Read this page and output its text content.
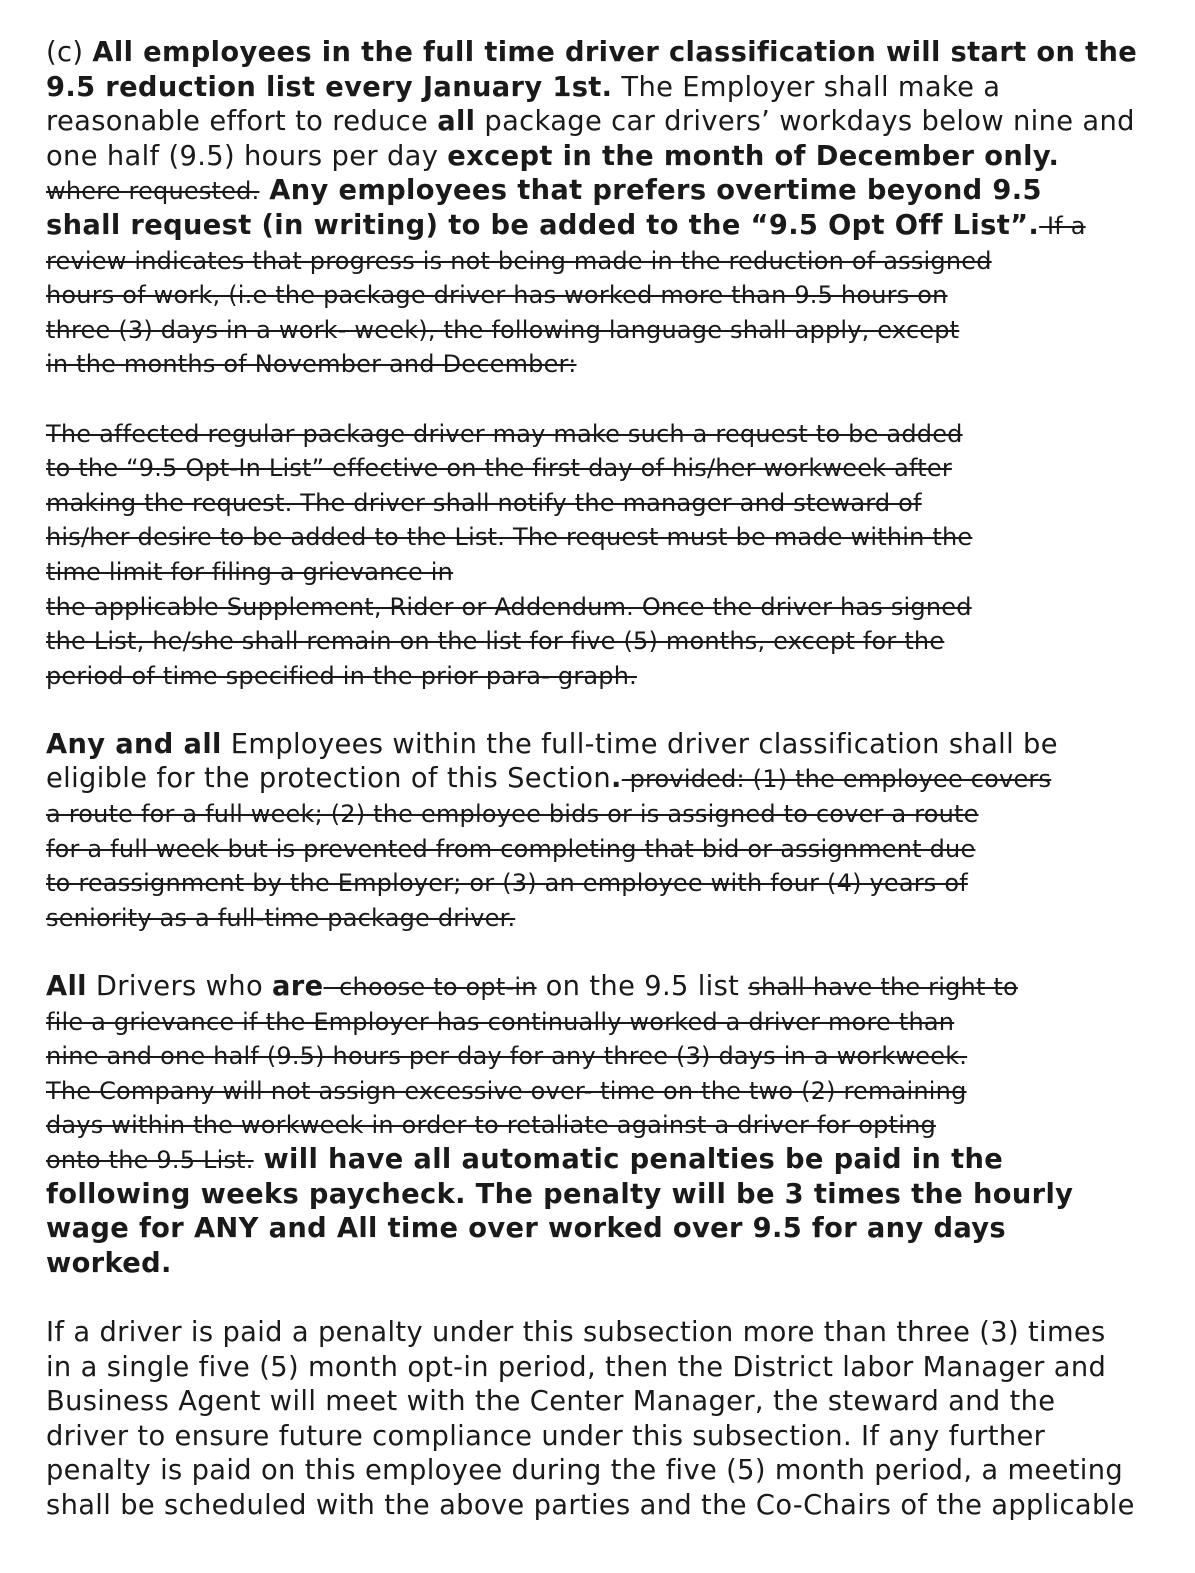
(c) All employees in the full time driver classification will start on the
9.5 reduction list every January 1st. The Employer shall make a
reasonable effort to reduce all package car drivers’ workdays below nine and
one half (9.5) hours per day except in the month of December only.
where requested. Any employees that prefers overtime beyond 9.5
shall request (in writing) to be added to the “9.5 Opt Off List”. If a
review indicates that progress is not being made in the reduction of assigned
hours of work, (i.e the package driver has worked more than 9.5 hours on
three (3) days in a work- week), the following language shall apply, except
in the months of November and December:
The affected regular package driver may make such a request to be added
to the “9.5 Opt-In List” effective on the first day of his/her workweek after
making the request. The driver shall notify the manager and steward of
his/her desire to be added to the List. The request must be made within the
time limit for filing a grievance in
the applicable Supplement, Rider or Addendum. Once the driver has signed
the List, he/she shall remain on the list for five (5) months, except for the
period of time specified in the prior para- graph.
Any and all Employees within the full-time driver classification shall be
eligible for the protection of this Section. provided: (1) the employee covers
a route for a full week; (2) the employee bids or is assigned to cover a route
for a full week but is prevented from completing that bid or assignment due
to reassignment by the Employer; or (3) an employee with four (4) years of
seniority as a full-time package driver.
All Drivers who are  choose to opt-in on the 9.5 list shall have the right to
file a grievance if the Employer has continually worked a driver more than
nine and one half (9.5) hours per day for any three (3) days in a workweek.
The Company will not assign excessive over- time on the two (2) remaining
days within the workweek in order to retaliate against a driver for opting
onto the 9.5 List. will have all automatic penalties be paid in the
following weeks paycheck. The penalty will be 3 times the hourly
wage for ANY and All time over worked over 9.5 for any days
worked.
If a driver is paid a penalty under this subsection more than three (3) times
in a single five (5) month opt-in period, then the District labor Manager and
Business Agent will meet with the Center Manager, the steward and the
driver to ensure future compliance under this subsection. If any further
penalty is paid on this employee during the five (5) month period, a meeting
shall be scheduled with the above parties and the Co-Chairs of the applicable
